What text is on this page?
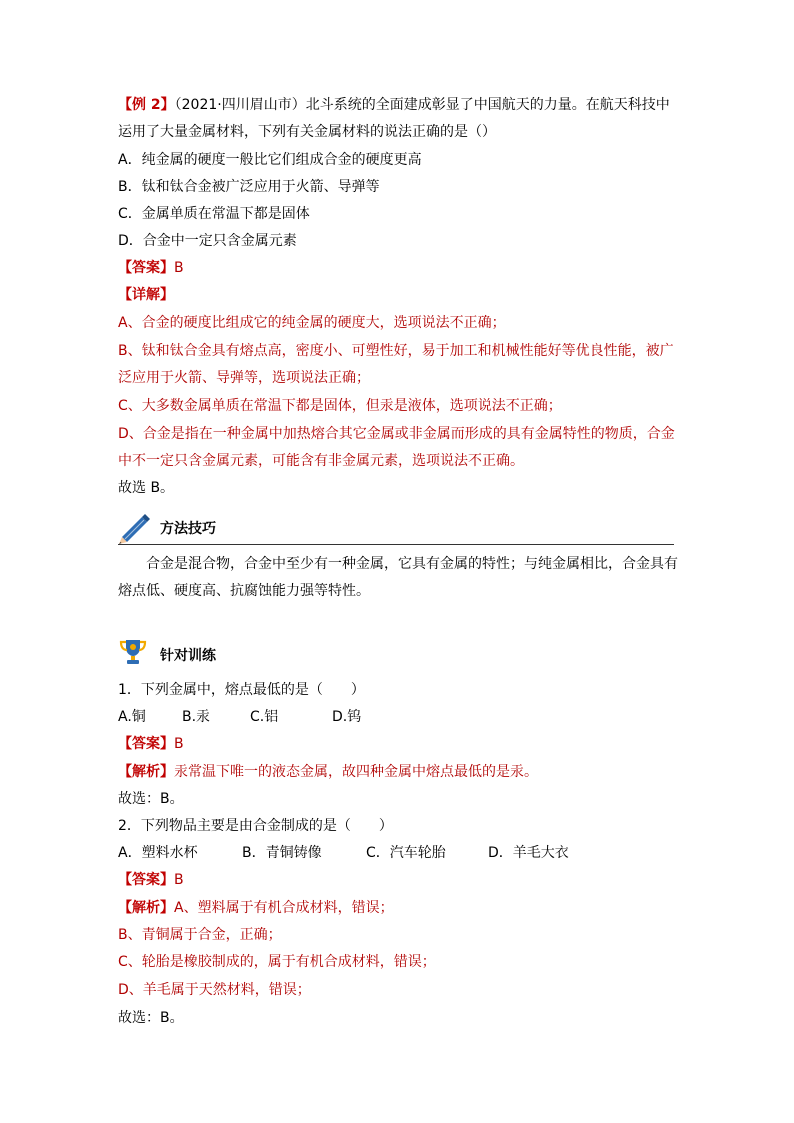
【例 2】（2021·四川眉山市）北斗系统的全面建成彰显了中国航天的力量。在航天科技中
运用了大量金属材料，下列有关金属材料的说法正确的是（）
A．纯金属的硬度一般比它们组成合金的硬度更高
B．钛和钛合金被广泛应用于火箭、导弹等
C．金属单质在常温下都是固体
D．合金中一定只含金属元素
【答案】B
【详解】
A、合金的硬度比组成它的纯金属的硬度大，选项说法不正确；
B、钛和钛合金具有熔点高，密度小、可塑性好，易于加工和机械性能好等优良性能，被广
泛应用于火箭、导弹等，选项说法正确；
C、大多数金属单质在常温下都是固体，但汞是液体，选项说法不正确；
D、合金是指在一种金属中加热熔合其它金属或非金属而形成的具有金属特性的物质，合金
中不一定只含金属元素，可能含有非金属元素，选项说法不正确。
故选 B。
方法技巧
合金是混合物，合金中至少有一种金属，它具有金属的特性；与纯金属相比，合金具有
熔点低、硬度高、抗腐蚀能力强等特性。
针对训练
1．下列金属中，熔点最低的是（　　）
A.铜	B.汞	C.铝	D.钨
【答案】B
【解析】汞常温下唯一的液态金属，故四种金属中熔点最低的是汞。
故选：B。
2．下列物品主要是由合金制成的是（　　）
A．塑料水杯	B．青铜铸像	C．汽车轮胎	D．羊毛大衣
【答案】B
【解析】A、塑料属于有机合成材料，错误；
B、青铜属于合金，正确；
C、轮胎是橡胶制成的，属于有机合成材料，错误；
D、羊毛属于天然材料，错误；
故选：B。
